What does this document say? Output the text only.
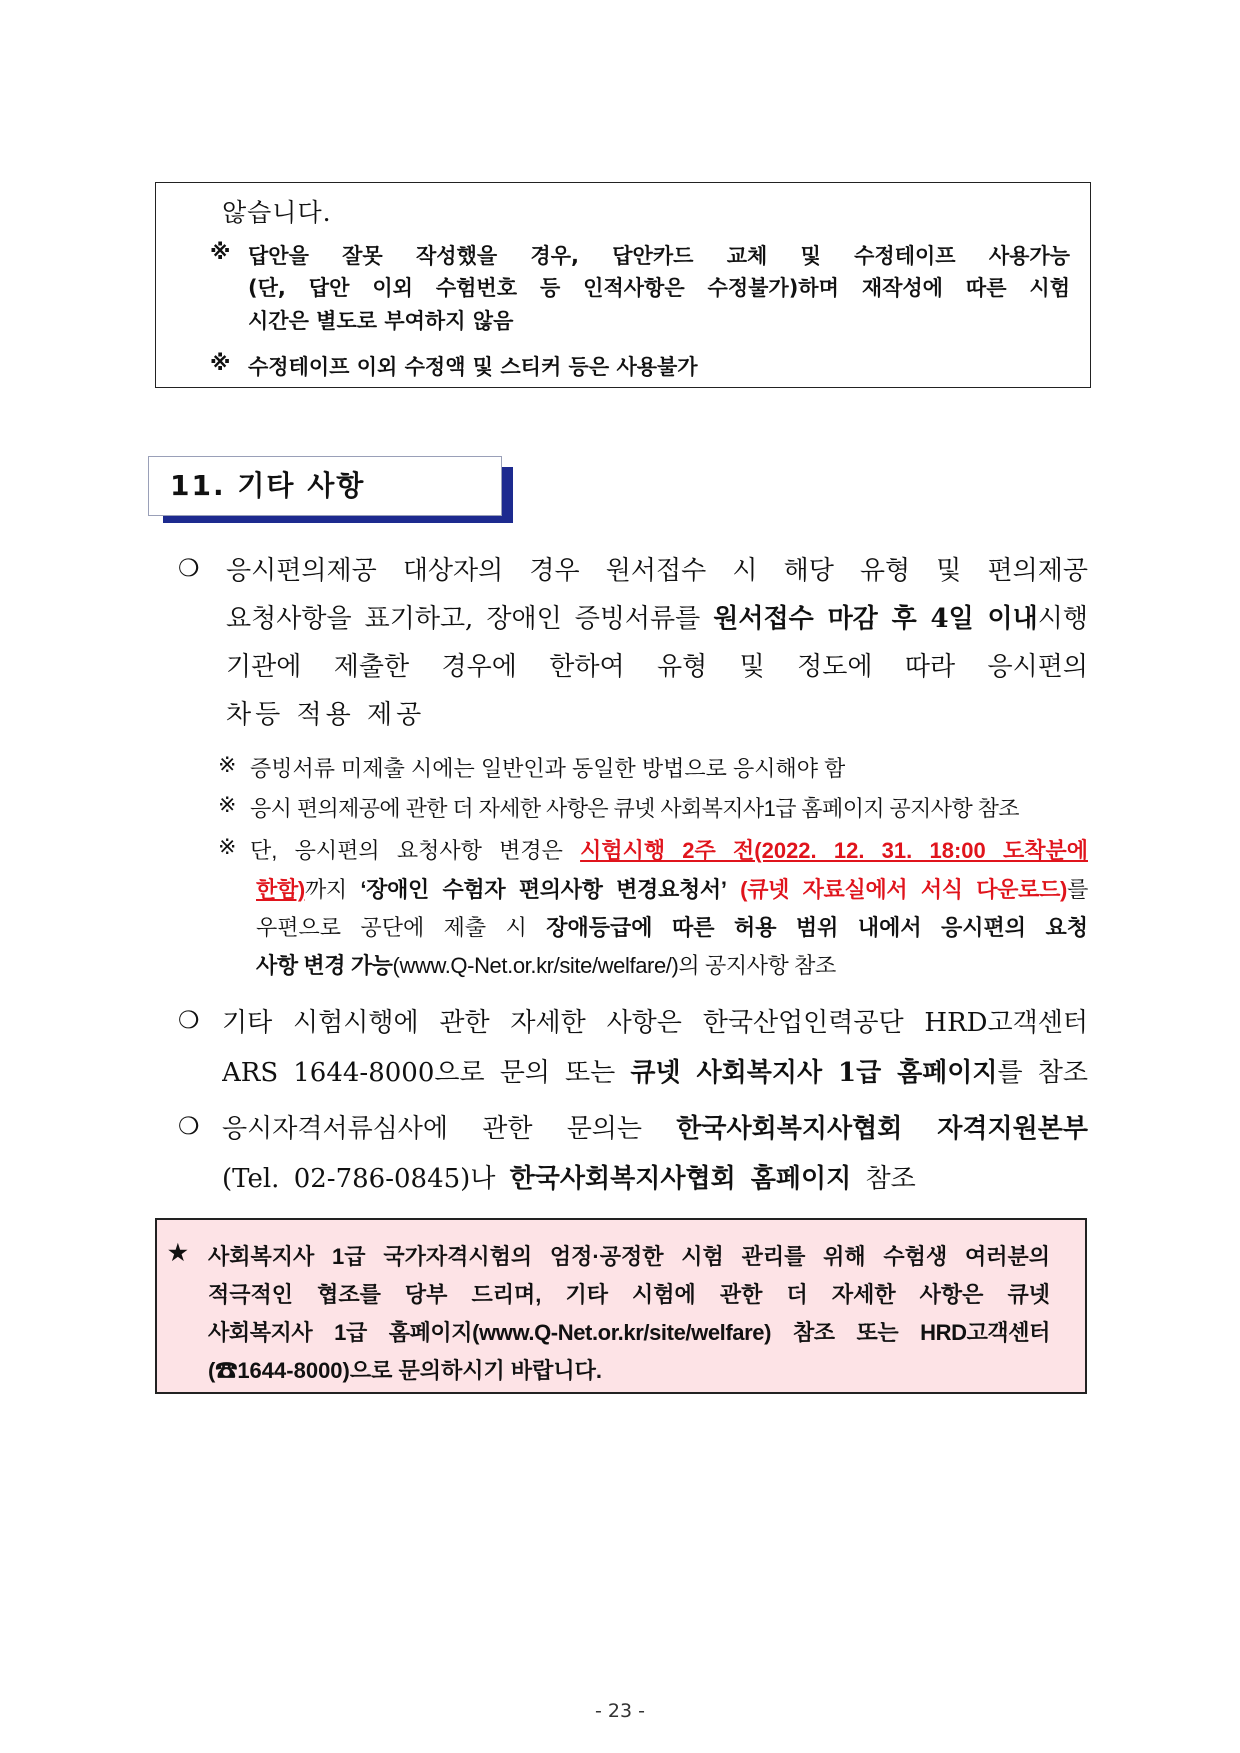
않습니다.
※ 답안을 잘못 작성했을 경우, 답안카드 교체 및 수정테이프 사용가능
(단, 답안 이외 수험번호 등 인적사항은 수정불가)하며 재작성에 따른 시험
시간은 별도로 부여하지 않음
※ 수정테이프 이외 수정액 및 스티커 등은 사용불가
11. 기타 사항
❍ 응시편의제공 대상자의 경우 원서접수 시 해당 유형 및 편의제공
요청사항을 표기하고, 장애인 증빙서류를 원서접수 마감 후 4일 이내시행
기관에 제출한 경우에 한하여 유형 및 정도에 따라 응시편의
차등 적용 제공
※ 증빙서류 미제출 시에는 일반인과 동일한 방법으로 응시해야 함
※ 응시 편의제공에 관한 더 자세한 사항은 큐넷 사회복지사1급 홈페이지 공지사항 참조
※ 단, 응시편의 요청사항 변경은 시험시행 2주 전(2022. 12. 31. 18:00 도착분에
한함)까지 ‘장애인 수험자 편의사항 변경요청서’ (큐넷 자료실에서 서식 다운로드)를
우편으로 공단에 제출 시 장애등급에 따른 허용 범위 내에서 응시편의 요청
사항 변경 가능(www.Q-Net.or.kr/site/welfare/)의 공지사항 참조
❍ 기타 시험시행에 관한 자세한 사항은 한국산업인력공단 HRD고객센터
ARS 1644-8000으로 문의 또는 큐넷 사회복지사 1급 홈페이지를 참조
❍ 응시자격서류심사에 관한 문의는 한국사회복지사협회 자격지원본부
(Tel. 02-786-0845)나 한국사회복지사협회 홈페이지 참조
★ 사회복지사 1급 국가자격시험의 엄정·공정한 시험 관리를 위해 수험생 여러분의
적극적인 협조를 당부 드리며, 기타 시험에 관한 더 자세한 사항은 큐넷
사회복지사 1급 홈페이지(www.Q-Net.or.kr/site/welfare) 참조 또는 HRD고객센터
(☎1644-8000)으로 문의하시기 바랍니다.
- 23 -
